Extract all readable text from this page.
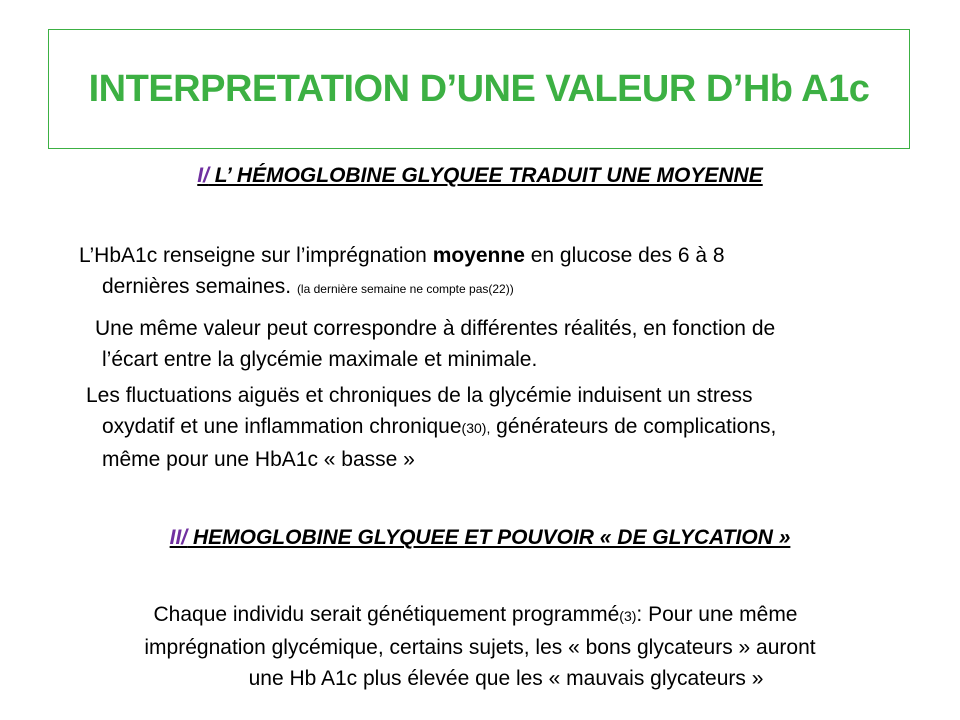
INTERPRETATION D’UNE VALEUR D’Hb A1c
I/ L’ HÉMOGLOBINE GLYQUEE TRADUIT UNE MOYENNE
L’HbA1c renseigne sur l’imprégnation moyenne en glucose des 6 à 8
dernières semaines. (la dernière semaine ne compte pas(22))
Une même valeur peut correspondre à différentes réalités, en fonction de
l’écart entre la glycémie maximale et minimale.
Les fluctuations aiguës et chroniques de la glycémie induisent un stress
oxydatif et une inflammation chronique(30), générateurs de complications,
même pour une HbA1c « basse »
II/ HEMOGLOBINE GLYQUEE ET POUVOIR « DE GLYCATION »
Chaque individu serait génétiquement programmé(3): Pour une même
imprégnation glycémique, certains sujets, les « bons glycateurs » auront
une Hb A1c plus élevée que les « mauvais glycateurs »
